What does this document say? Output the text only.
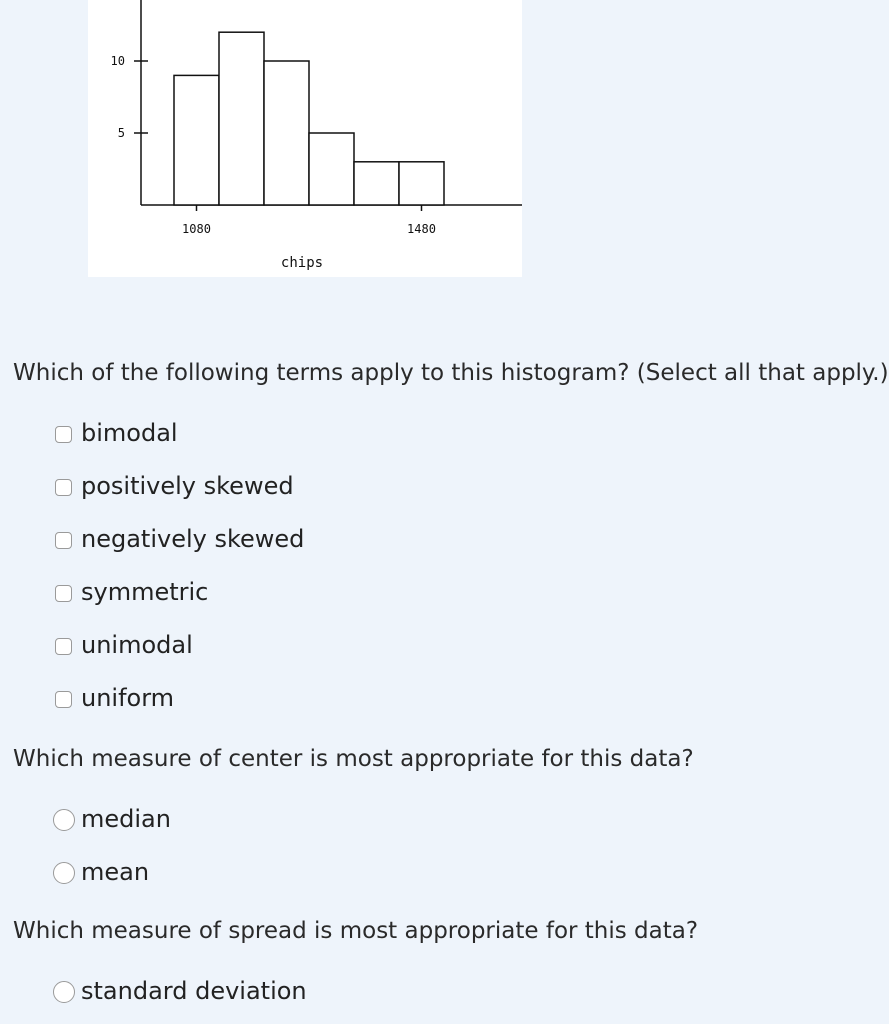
5
10
1080	1480
chips
Which of the following terms apply to this histogram? (Select all that apply.)
bimodal
positively skewed
negatively skewed
symmetric
unimodal
uniform
Which measure of center is most appropriate for this data?
median
mean
Which measure of spread is most appropriate for this data?
standard deviation
